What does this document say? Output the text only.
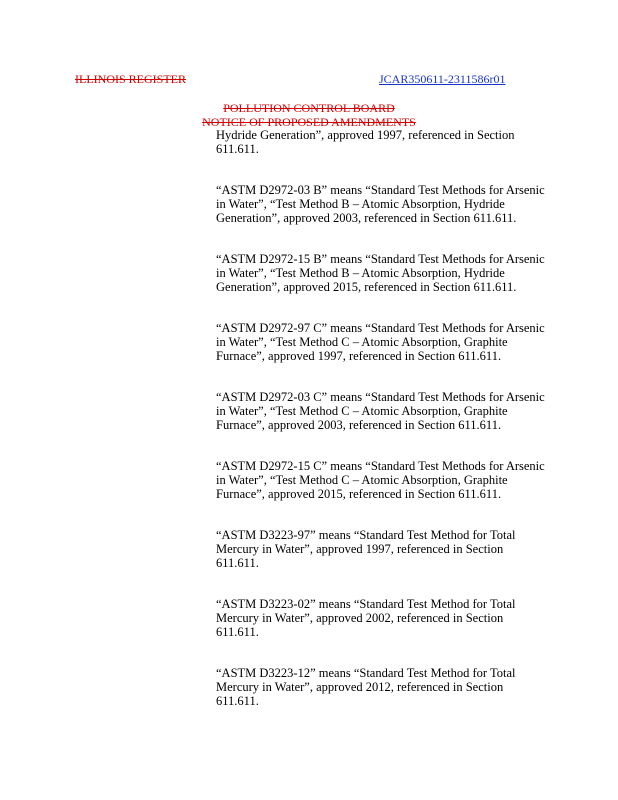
ILLINOIS REGISTER	JCAR350611-2311586r01
POLLUTION CONTROL BOARD
NOTICE OF PROPOSED AMENDMENTS

Hydride Generation”, approved 1997, referenced in Section 611.611.

“ASTM D2972-03 B” means “Standard Test Methods for Arsenic in Water”, “Test Method B – Atomic Absorption, Hydride Generation”, approved 2003, referenced in Section 611.611.

“ASTM D2972-15 B” means “Standard Test Methods for Arsenic in Water”, “Test Method B – Atomic Absorption, Hydride Generation”, approved 2015, referenced in Section 611.611.

“ASTM D2972-97 C” means “Standard Test Methods for Arsenic in Water”, “Test Method C – Atomic Absorption, Graphite Furnace”, approved 1997, referenced in Section 611.611.

“ASTM D2972-03 C” means “Standard Test Methods for Arsenic in Water”, “Test Method C – Atomic Absorption, Graphite Furnace”, approved 2003, referenced in Section 611.611.

“ASTM D2972-15 C” means “Standard Test Methods for Arsenic in Water”, “Test Method C – Atomic Absorption, Graphite Furnace”, approved 2015, referenced in Section 611.611.

“ASTM D3223-97” means “Standard Test Method for Total Mercury in Water”, approved 1997, referenced in Section 611.611.

“ASTM D3223-02” means “Standard Test Method for Total Mercury in Water”, approved 2002, referenced in Section 611.611.

“ASTM D3223-12” means “Standard Test Method for Total Mercury in Water”, approved 2012, referenced in Section 611.611.
